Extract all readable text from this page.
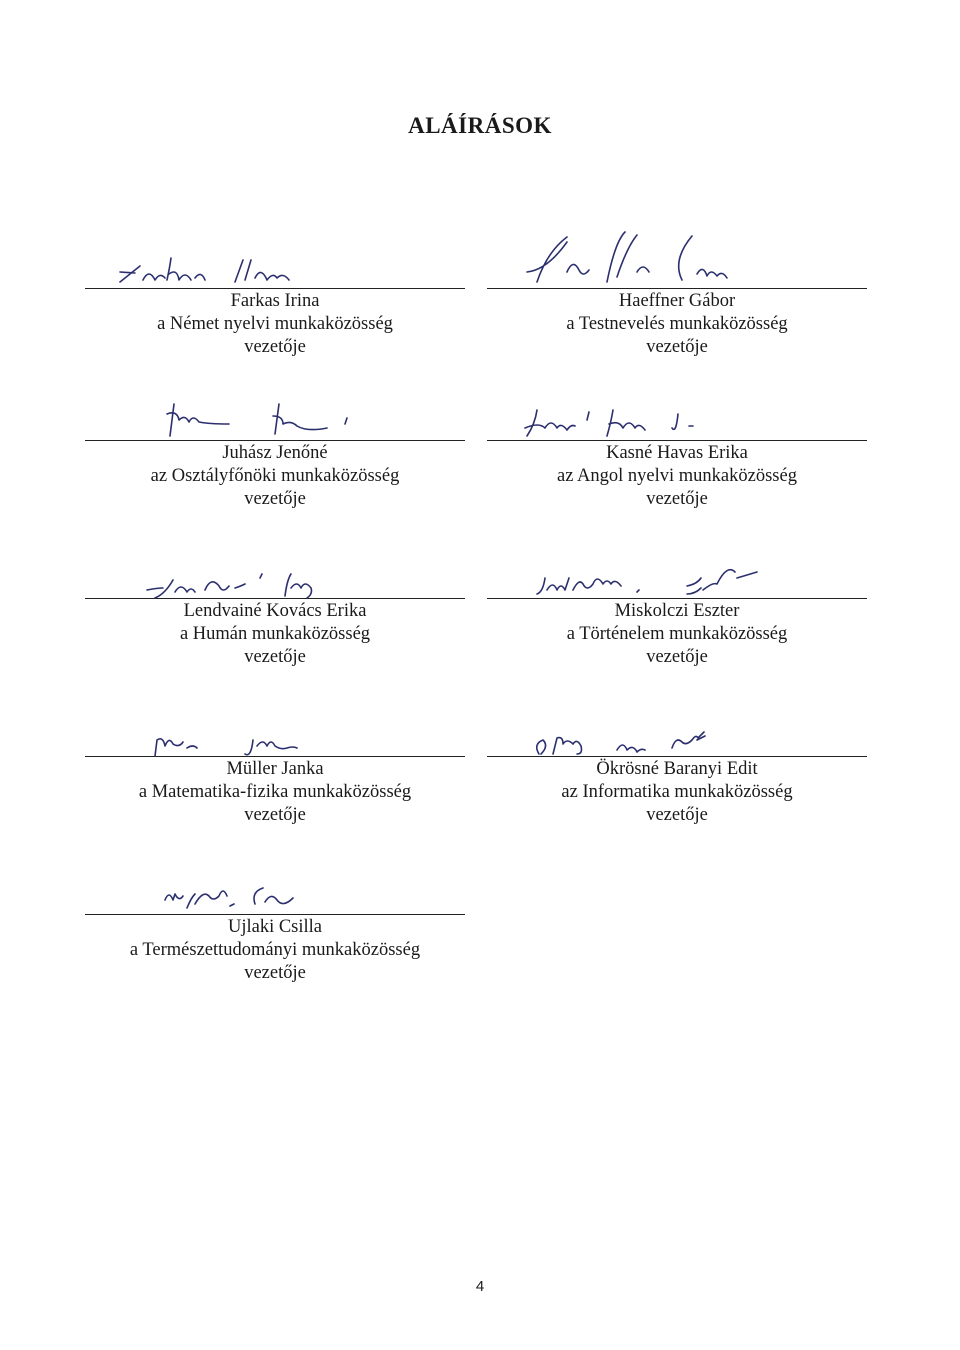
ALÁÍRÁSOK
Farkas Irina
a Német nyelvi munkaközösség
vezetője
Haeffner Gábor
a Testnevelés munkaközösség
vezetője
Juhász Jenőné
az Osztályfőnöki munkaközösség
vezetője
Kasné Havas Erika
az Angol nyelvi munkaközösség
vezetője
Lendvainé Kovács Erika
a Humán munkaközösség
vezetője
Miskolczi Eszter
a Történelem munkaközösség
vezetője
Müller Janka
a Matematika-fizika munkaközösség
vezetője
Ökrösné Baranyi Edit
az Informatika munkaközösség
vezetője
Ujlaki Csilla
a Természettudományi munkaközösség
vezetője
4
